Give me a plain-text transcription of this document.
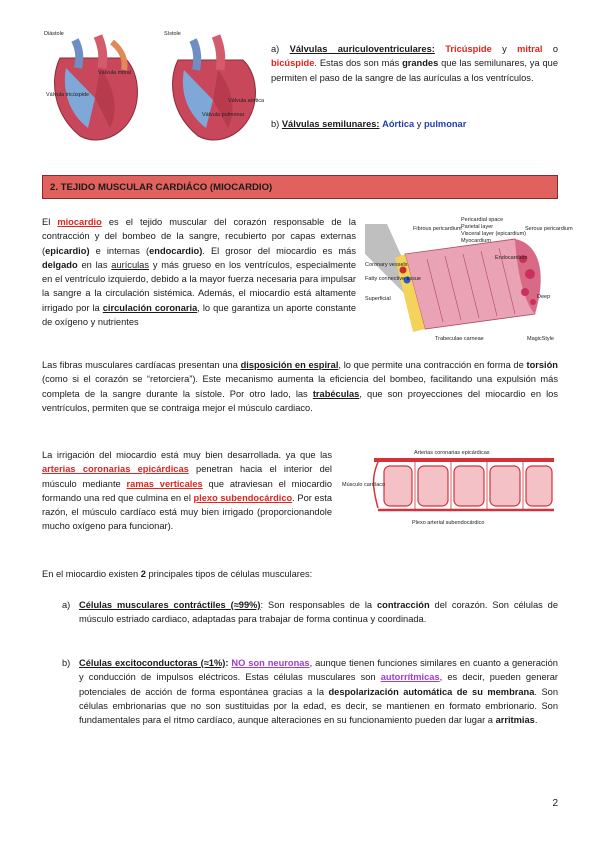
Diástole
Válvula mitral
Válvula tricúspide
Sístole
Válvula aórtica
Válvula pulmonar
a) Válvulas auriculoventriculares: Tricúspide y mitral o bicúspide. Estas dos son más grandes que las semilunares, ya que permiten el paso de la sangre de las aurículas a los ventrículos.
b) Válvulas semilunares: Aórtica y pulmonar
2. TEJIDO MUSCULAR CARDIÁCO (MIOCARDIO)
El miocardio es el tejido muscular del corazón responsable de la contracción y del bombeo de la sangre, recubierto por capas externas (epicardio) e internas (endocardio). El grosor del miocardio es más delgado en las aurículas y más grueso en los ventrículos, especialmente en el ventrículo izquierdo, debido a la mayor fuerza necesaria para impulsar la sangre a la circulación sistémica. Además, el miocardio está altamente irrigado por la circulación coronaria, lo que garantiza un aporte constante de oxígeno y nutrientes
Fibrous pericardium
Pericardial space
Parietal layer
Visceral layer (epicardium)
Myocardium
Serous pericardium
Endocardium
Coronary vessels
Fatty connective tissue
Superficial	Deep
Trabeculae carneae	MagicStyle
Las fibras musculares cardíacas presentan una disposición en espiral, lo que permite una contracción en forma de torsión (como si el corazón se “retorciera”). Este mecanismo aumenta la eficiencia del bombeo, facilitando una expulsión más completa de la sangre durante la sístole. Por otro lado, las trabéculas, que son proyecciones del miocardio en los ventrículos, permiten que se contraiga mejor el músculo cardiaco.
La irrigación del miocardio está muy bien desarrollada. ya que las arterias coronarias epicárdicas penetran hacia el interior del músculo mediante ramas verticales que atraviesan el miocardio formando una red que culmina en el plexo subendocárdico. Por esta razón, el músculo cardíaco está muy bien irrigado (proporcionandole mucho oxígeno para funcionar).
Arterias coronarias epicárdicas
Músculo cardíaco
Plexo arterial subendocárdico
En el miocardio existen 2 principales tipos de células musculares:
a) Células musculares contráctiles (≈99%): Son responsables de la contracción del corazón. Son células de músculo estriado cardiaco, adaptadas para trabajar de forma continua y coordinada.
b) Células excitoconductoras (≈1%): NO son neuronas, aunque tienen funciones similares en cuanto a generación y conducción de impulsos eléctricos. Estas células musculares son autorrítmicas, es decir, pueden generar potenciales de acción de forma espontánea gracias a la despolarización automática de su membrana. Son células embrionarias que no son sustituidas por la edad, es decir, se mantienen en formato embrionario. Son fundamentales para el ritmo cardíaco, aunque alteraciones en su funcionamiento pueden dar lugar a arritmias.
2
